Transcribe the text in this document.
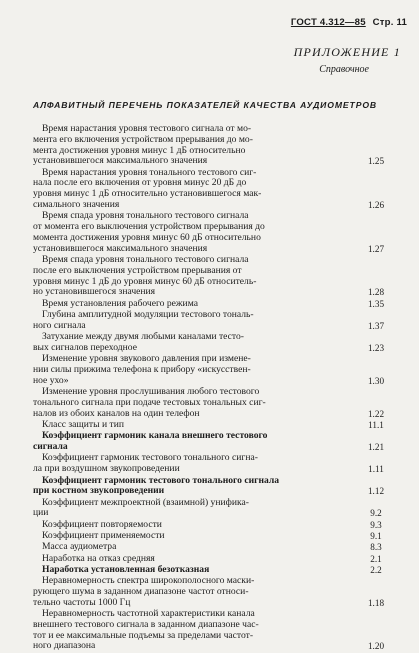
ГОСТ 4.312—85 Стр. 11
ПРИЛОЖЕНИЕ 1
Справочное
АЛФАВИТНЫЙ ПЕРЕЧЕНЬ ПОКАЗАТЕЛЕЙ КАЧЕСТВА АУДИОМЕТРОВ
Время нарастания уровня тестового сигнала от мо-
мента его включения устройством прерывания до мо-
мента достижения уровня минус 1 дБ относительно
установившегося максимального значения	1.25
Время нарастания уровня тонального тестового сиг-
нала после его включения от уровня минус 20 дБ до
уровня минус 1 дБ относительно установившегося мак-
симального значения	1.26
Время спада уровня тонального тестового сигнала
от момента его выключения устройством прерывания до
момента достижения уровня минус 60 дБ относительно
установившегося максимального значения	1.27
Время спада уровня тонального тестового сигнала
после его выключения устройством прерывания от
уровня минус 1 дБ до уровня минус 60 дБ относитель-
но установившегося значения	1.28
Время установления рабочего режима	1.35
Глубина амплитудной модуляции тестового тональ-
ного сигнала	1.37
Затухание между двумя любыми каналами тесто-
вых сигналов переходное	1.23
Изменение уровня звукового давления при измене-
нии силы прижима телефона к прибору «искусствен-
ное ухо»	1.30
Изменение уровня прослушивания любого тестового
тонального сигнала при подаче тестовых тональных сиг-
налов из обоих каналов на один телефон	1.22
Класс защиты и тип	11.1
Коэффициент гармоник канала внешнего тестового
сигнала	1.21
Коэффициент гармоник тестового тонального сигна-
ла при воздушном звукопроведении	1.11
Коэффициент гармоник тестового тонального сигнала
при костном звукопроведении	1.12
Коэффициент межпроектной (взаимной) унифика-
ции	9.2
Коэффициент повторяемости	9.3
Коэффициент применяемости	9.1
Масса аудиометра	8.3
Наработка на отказ средняя	2.1
Наработка установленная безотказная	2.2
Неравномерность спектра широкополосного маски-
рующего шума в заданном диапазоне частот относи-
тельно частоты 1000 Гц	1.18
Неравномерность частотной характеристики канала
внешнего тестового сигнала в заданном диапазоне час-
тот и ее максимальные подъемы за пределами частот-
ного диапазона	1.20
